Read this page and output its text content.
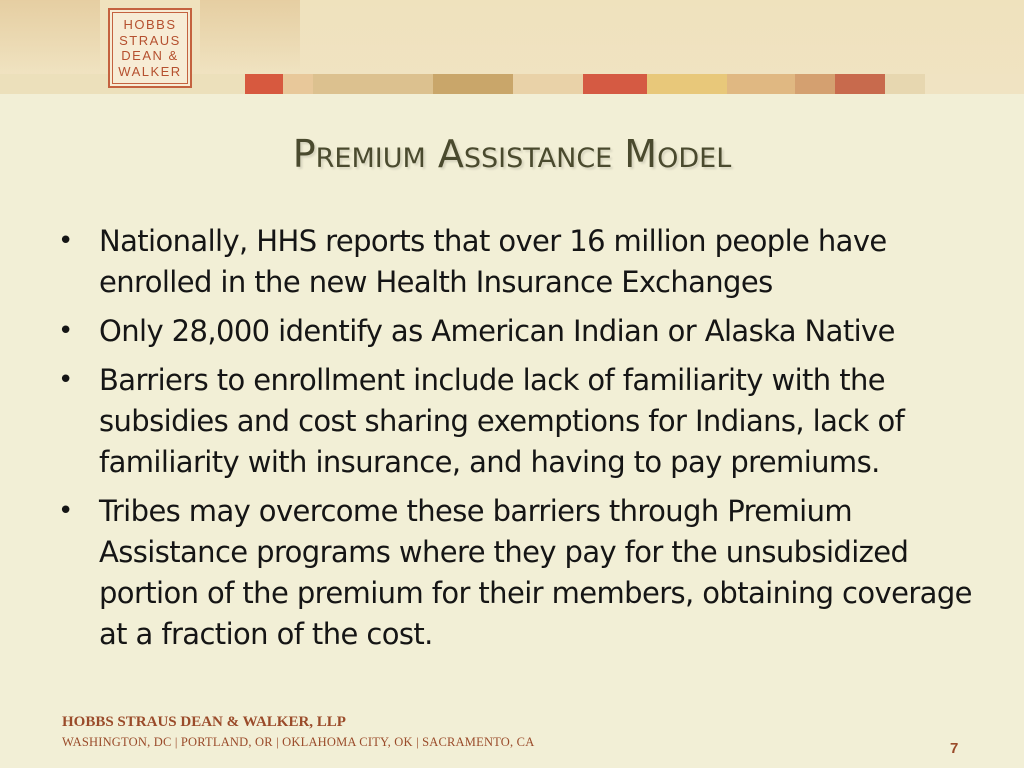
HOBBS
STRAUS
DEAN &
WALKER
Premium Assistance Model
• Nationally, HHS reports that over 16 million people have enrolled in the new Health Insurance Exchanges
• Only 28,000 identify as American Indian or Alaska Native
• Barriers to enrollment include lack of familiarity with the subsidies and cost sharing exemptions for Indians, lack of familiarity with insurance, and having to pay premiums.
• Tribes may overcome these barriers through Premium Assistance programs where they pay for the unsubsidized portion of the premium for their members, obtaining coverage at a fraction of the cost.
HOBBS STRAUS DEAN & WALKER, LLP
WASHINGTON, DC | PORTLAND, OR | OKLAHOMA CITY, OK | SACRAMENTO, CA	7
